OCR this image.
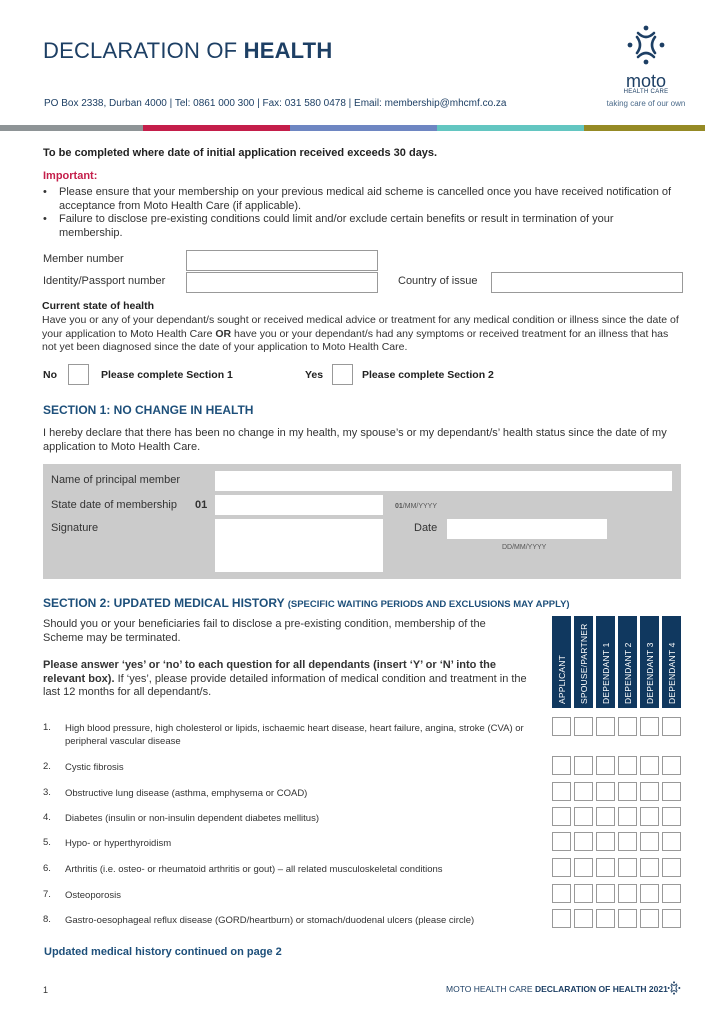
DECLARATION OF HEALTH
PO Box 2338, Durban 4000 | Tel: 0861 000 300 | Fax: 031 580 0478 | Email: membership@mhcmf.co.za
moto
HEALTH CARE
taking care of our own
To be completed where date of initial application received exceeds 30 days.
Important:
•	Please ensure that your membership on your previous medical aid scheme is cancelled once you have received notification of acceptance from Moto Health Care (if applicable).
•	Failure to disclose pre-existing conditions could limit and/or exclude certain benefits or result in termination of your membership.
Member number
Identity/Passport number	Country of issue
Current state of health
Have you or any of your dependant/s sought or received medical advice or treatment for any medical condition or illness since the date of your application to Moto Health Care OR have you or your dependant/s had any symptoms or received treatment for an illness that has not yet been diagnosed since the date of your application to Moto Health Care.
No	Please complete Section 1	Yes	Please complete Section 2
SECTION 1: NO CHANGE IN HEALTH
I hereby declare that there has been no change in my health, my spouse’s or my dependant/s’ health status since the date of my application to Moto Health Care.
Name of principal member
State date of membership 01	01/MM/YYYY
Signature	Date
DD/MM/YYYY
SECTION 2: UPDATED MEDICAL HISTORY (SPECIFIC WAITING PERIODS AND EXCLUSIONS MAY APPLY)
Should you or your beneficiaries fail to disclose a pre-existing condition, membership of the Scheme may be terminated.
Please answer ‘yes’ or ‘no’ to each question for all dependants (insert ‘Y’ or ‘N’ into the relevant box). If ‘yes’, please provide detailed information of medical condition and treatment in the last 12 months for all dependant/s.	APPLICANT SPOUSE/PARTNER DEPENDANT 1 DEPENDANT 2 DEPENDANT 3 DEPENDANT 4
1. High blood pressure, high cholesterol or lipids, ischaemic heart disease, heart failure, angina, stroke (CVA) or peripheral vascular disease
2. Cystic fibrosis
3. Obstructive lung disease (asthma, emphysema or COAD)
4. Diabetes (insulin or non-insulin dependent diabetes mellitus)
5. Hypo- or hyperthyroidism
6. Arthritis (i.e. osteo- or rheumatoid arthritis or gout) – all related musculoskeletal conditions
7. Osteoporosis
8. Gastro-oesophageal reflux disease (GORD/heartburn) or stomach/duodenal ulcers (please circle)
Updated medical history continued on page 2
1	MOTO HEALTH CARE DECLARATION OF HEALTH 2021
